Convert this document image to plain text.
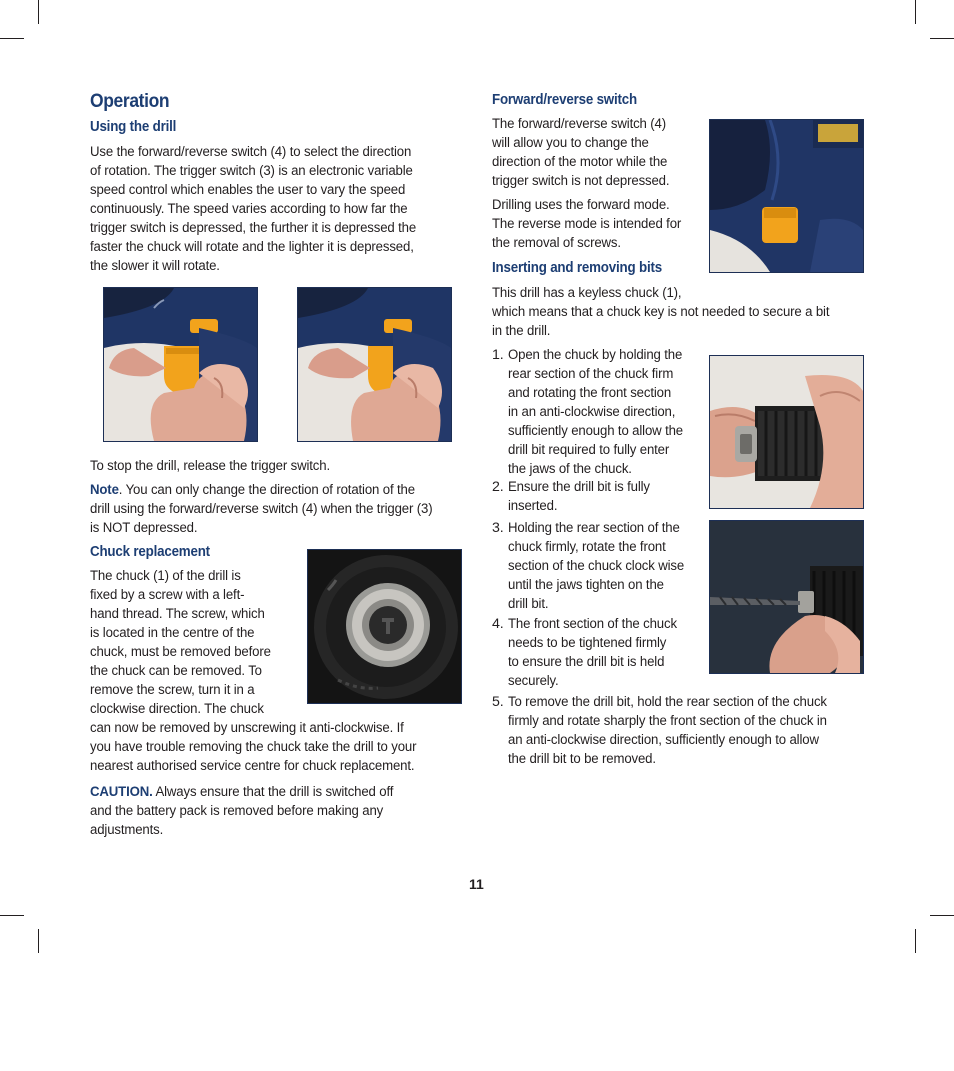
Operation
Using the drill
Use the forward/reverse switch (4) to select the direction
of rotation. The trigger switch (3) is an electronic variable
speed control which enables the user to vary the speed
continuously. The speed varies according to how far the
trigger switch is depressed, the further it is depressed the
faster the chuck will rotate and the lighter it is depressed,
the slower it will rotate.
To stop the drill, release the trigger switch.
Note. You can only change the direction of rotation of the
drill using the forward/reverse switch (4) when the trigger (3)
is NOT depressed.
Chuck replacement
The chuck (1) of the drill is
fixed by a screw with a left-
hand thread. The screw, which
is located in the centre of the
chuck, must be removed before
the chuck can be removed. To
remove the screw, turn it in a
clockwise direction. The chuck
can now be removed by unscrewing it anti-clockwise. If
you have trouble removing the chuck take the drill to your
nearest authorised service centre for chuck replacement.
CAUTION. Always ensure that the drill is switched off
and the battery pack is removed before making any
adjustments.
Forward/reverse switch
The forward/reverse switch (4)
will allow you to change the
direction of the motor while the
trigger switch is not depressed.
Drilling uses the forward mode.
The reverse mode is intended for
the removal of screws.
Inserting and removing bits
This drill has a keyless chuck (1),
which means that a chuck key is not needed to secure a bit
in the drill.
1. Open the chuck by holding the
rear section of the chuck firm
and rotating the front section
in an anti-clockwise direction,
sufficiently enough to allow the
drill bit required to fully enter
the jaws of the chuck.
2. Ensure the drill bit is fully
inserted.
3. Holding the rear section of the
chuck firmly, rotate the front
section of the chuck clock wise
until the jaws tighten on the
drill bit.
4. The front section of the chuck
needs to be tightened firmly
to ensure the drill bit is held
securely.
5. To remove the drill bit, hold the rear section of the chuck
firmly and rotate sharply the front section of the chuck in
an anti-clockwise direction, sufficiently enough to allow
the drill bit to be removed.
11
